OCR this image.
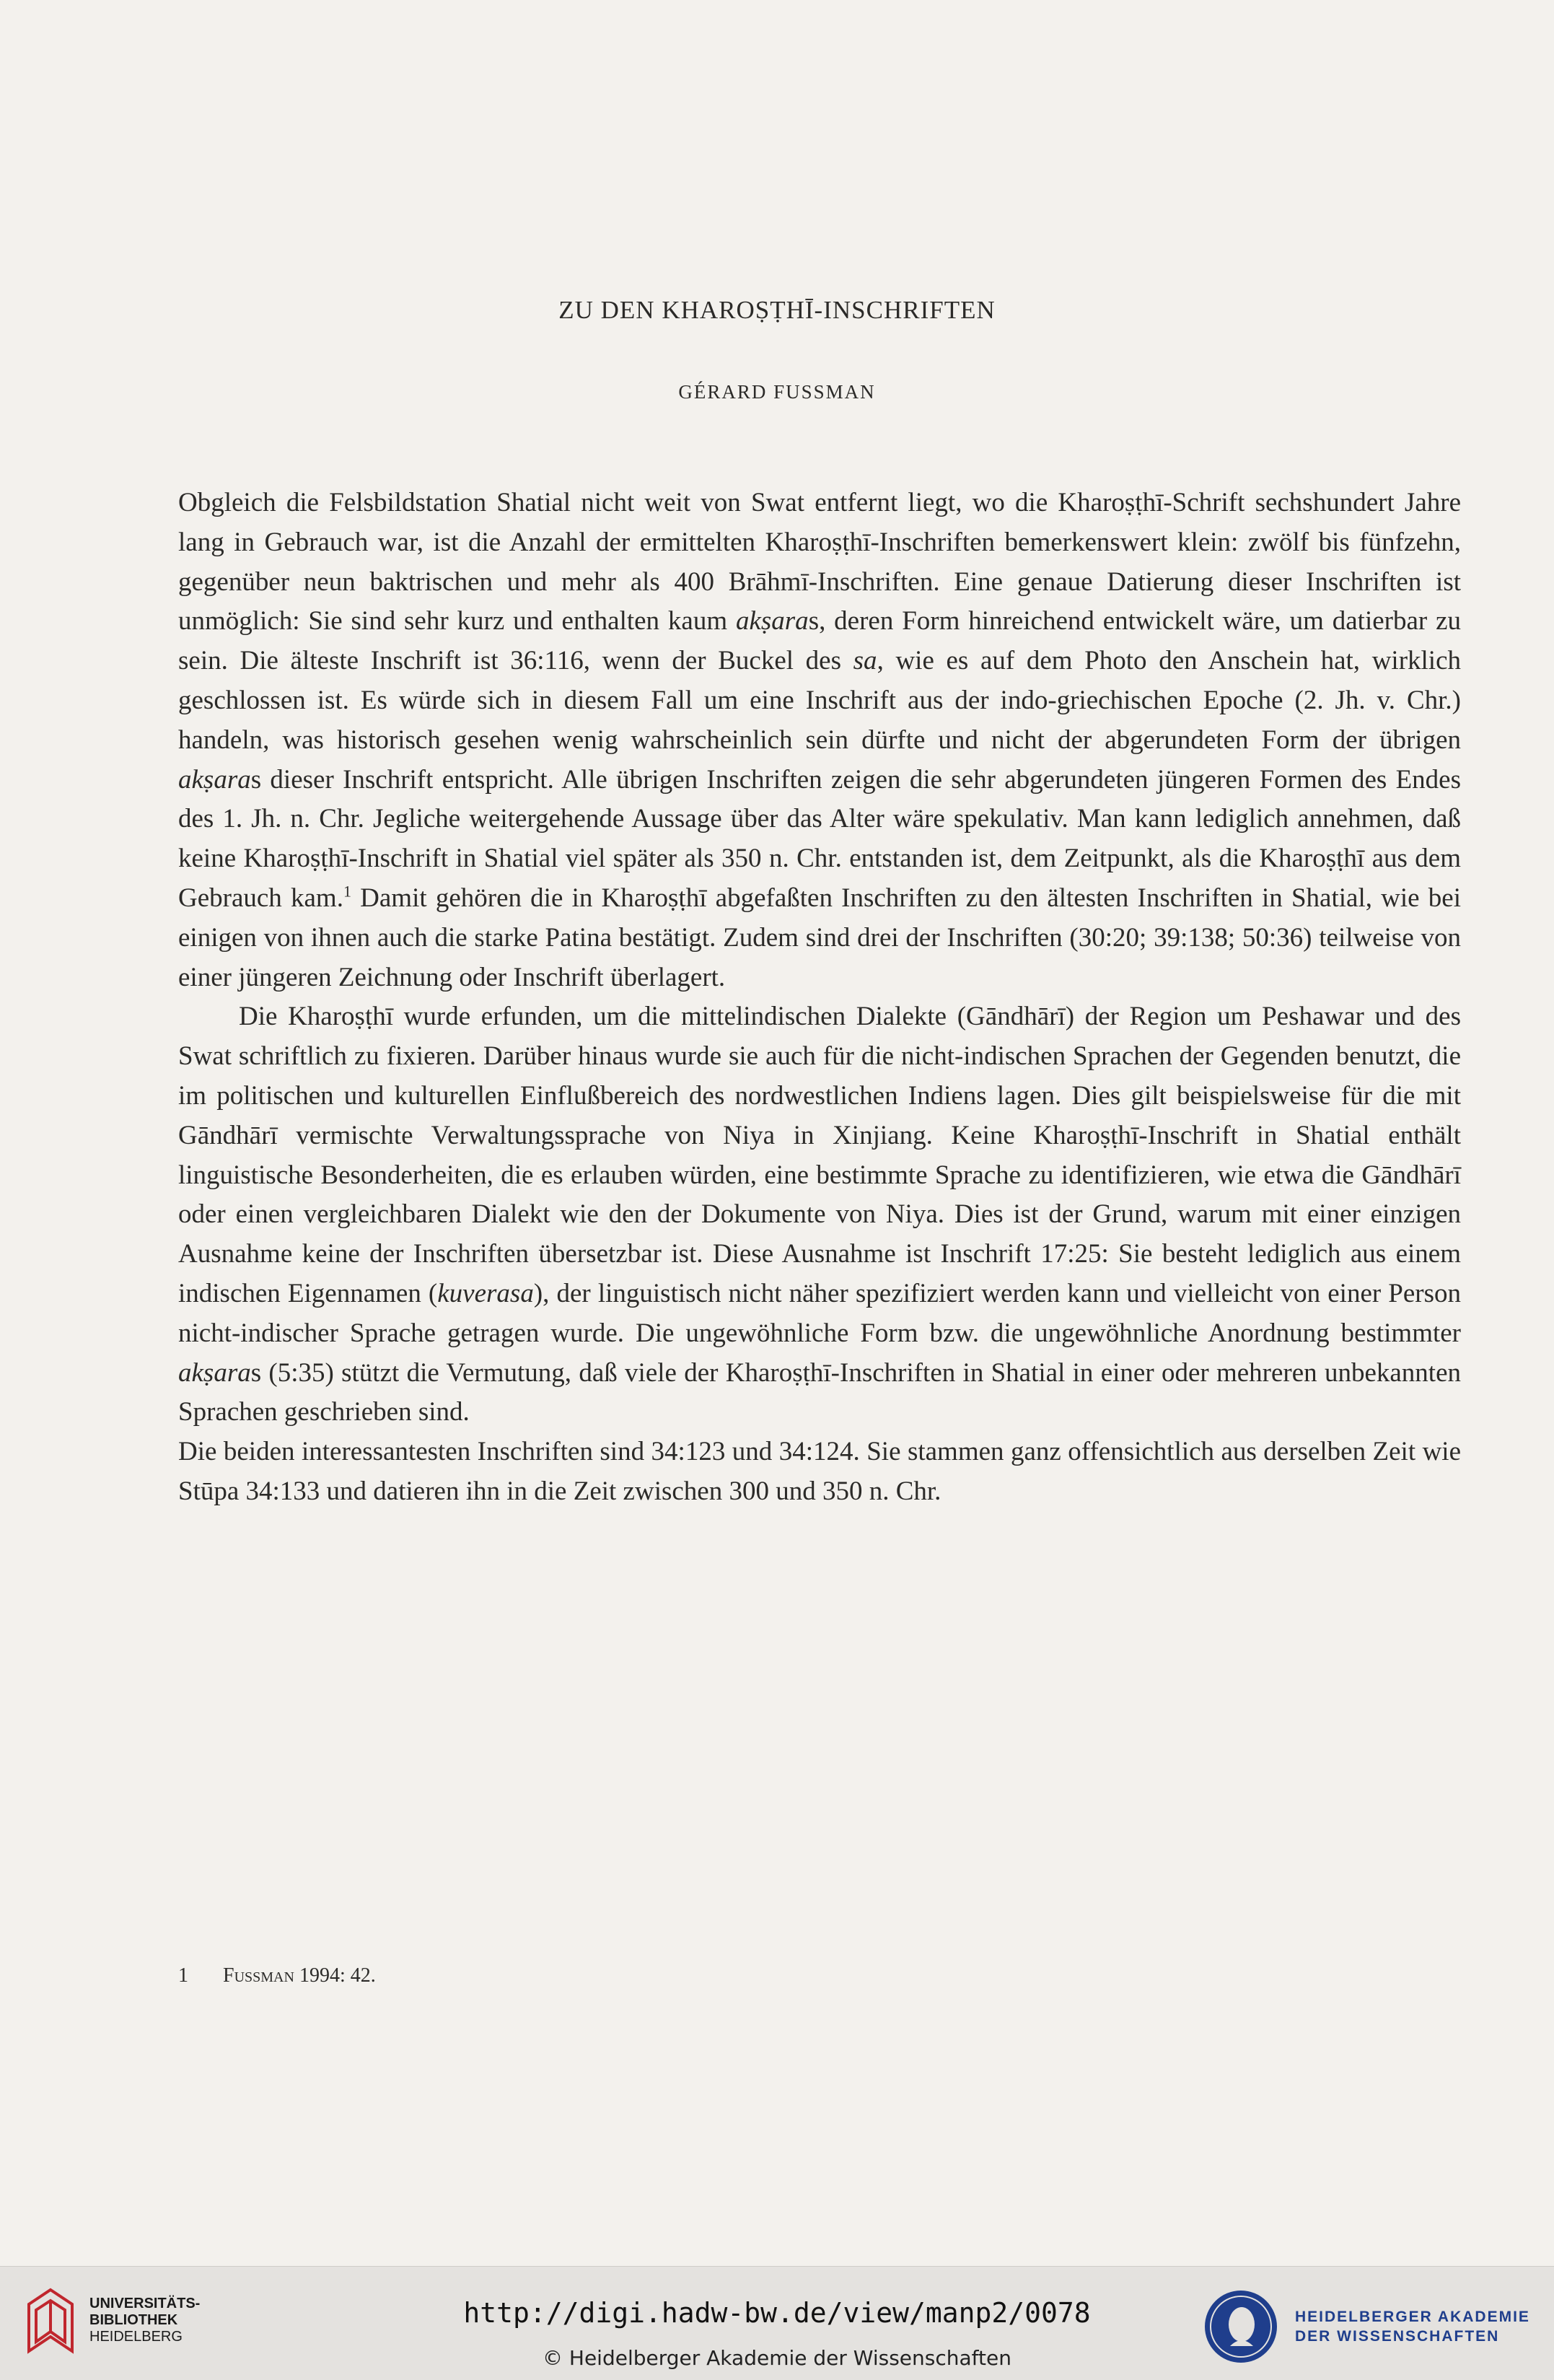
ZU DEN KHAROṢṬHĪ-INSCHRIFTEN
GÉRARD FUSSMAN

Obgleich die Felsbildstation Shatial nicht weit von Swat entfernt liegt, wo die Kharoṣṭhī-Schrift sechshundert Jahre lang in Gebrauch war, ist die Anzahl der ermittelten Kharoṣṭhī-Inschriften bemerkenswert klein: zwölf bis fünfzehn, gegenüber neun baktrischen und mehr als 400 Brāhmī-Inschriften. Eine genaue Datierung dieser Inschriften ist unmöglich: Sie sind sehr kurz und enthalten kaum akṣaras, deren Form hinreichend entwickelt wäre, um datierbar zu sein. Die älteste Inschrift ist 36:116, wenn der Buckel des sa, wie es auf dem Photo den Anschein hat, wirklich geschlossen ist. Es würde sich in diesem Fall um eine Inschrift aus der indo-griechischen Epoche (2. Jh. v. Chr.) handeln, was historisch gesehen wenig wahrscheinlich sein dürfte und nicht der abgerundeten Form der übrigen akṣaras dieser Inschrift entspricht. Alle übrigen Inschriften zeigen die sehr abgerundeten jüngeren Formen des Endes des 1. Jh. n. Chr. Jegliche weitergehende Aussage über das Alter wäre spekulativ. Man kann lediglich annehmen, daß keine Kharoṣṭhī-Inschrift in Shatial viel später als 350 n. Chr. entstanden ist, dem Zeitpunkt, als die Kharoṣṭhī aus dem Gebrauch kam.$^1$ Damit gehören die in Kharoṣṭhī abgefaßten Inschriften zu den ältesten Inschriften in Shatial, wie bei einigen von ihnen auch die starke Patina bestätigt. Zudem sind drei der Inschriften (30:20; 39:138; 50:36) teilweise von einer jüngeren Zeichnung oder Inschrift überlagert.

Die Kharoṣṭhī wurde erfunden, um die mittelindischen Dialekte (Gāndhārī) der Region um Peshawar und des Swat schriftlich zu fixieren. Darüber hinaus wurde sie auch für die nicht-indischen Sprachen der Gegenden benutzt, die im politischen und kulturellen Einflußbereich des nordwestlichen Indiens lagen. Dies gilt beispielsweise für die mit Gāndhārī vermischte Verwaltungssprache von Niya in Xinjiang. Keine Kharoṣṭhī-Inschrift in Shatial enthält linguistische Besonderheiten, die es erlauben würden, eine bestimmte Sprache zu identifizieren, wie etwa die Gāndhārī oder einen vergleichbaren Dialekt wie den der Dokumente von Niya. Dies ist der Grund, warum mit einer einzigen Ausnahme keine der Inschriften übersetzbar ist. Diese Ausnahme ist Inschrift 17:25: Sie besteht lediglich aus einem indischen Eigennamen (kuverasa), der linguistisch nicht näher spezifiziert werden kann und vielleicht von einer Person nicht-indischer Sprache getragen wurde. Die ungewöhnliche Form bzw. die ungewöhnliche Anordnung bestimmter akṣaras (5:35) stützt die Vermutung, daß viele der Kharoṣṭhī-Inschriften in Shatial in einer oder mehreren unbekannten Sprachen geschrieben sind.

Die beiden interessantesten Inschriften sind 34:123 und 34:124. Sie stammen ganz offensichtlich aus derselben Zeit wie Stūpa 34:133 und datieren ihn in die Zeit zwischen 300 und 350 n. Chr.

1 Fussman 1994: 42.
UNIVERSITÄTS-
BIBLIOTHEK
HEIDELBERG
http://digi.hadw-bw.de/view/manp2/0078
© Heidelberger Akademie der Wissenschaften
HEIDELBERGER AKADEMIE
DER WISSENSCHAFTEN
